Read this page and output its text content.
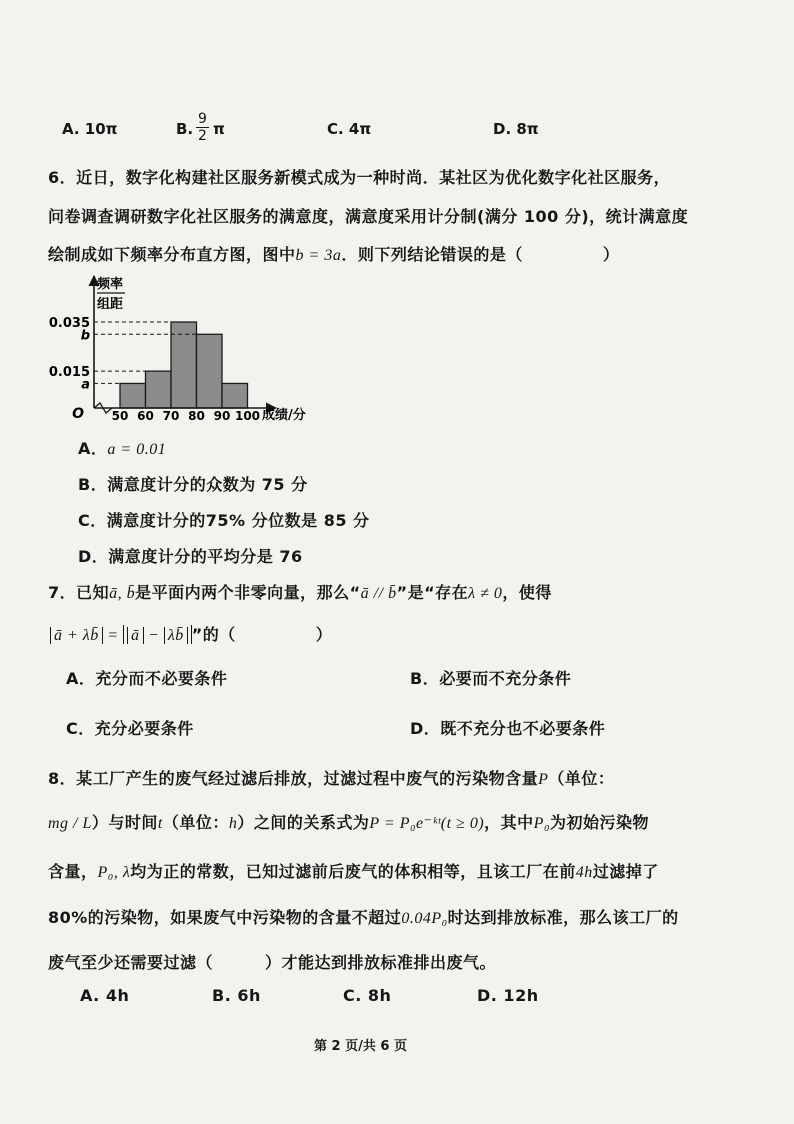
A. 10π	B. $\frac{9}{2}$ π	C. 4π	D. 8π
6．近日，数字化构建社区服务新模式成为一种时尚．某社区为优化数字化社区服务，
问卷调查调研数字化社区服务的满意度，满意度采用计分制(满分 100 分)，统计满意度
绘制成如下频率分布直方图，图中b = 3a．则下列结论错误的是（	）
0.035
b
0.015
a
50 60 70 80 90 100
频率
组距
O	成绩/分
A．a = 0.01
B．满意度计分的众数为 75 分
C．满意度计分的75% 分位数是 85 分
D．满意度计分的平均分是 76
7．已知ā, b̄是平面内两个非零向量，那么“ā // b̄”是“存在λ ≠ 0，使得
ā + λb̄ = ā − λb̄ ”的（	）
A．充分而不必要条件	B．必要而不充分条件
C．充分必要条件	D．既不充分也不必要条件
8．某工厂产生的废气经过滤后排放，过滤过程中废气的污染物含量P（单位：
mg / L）与时间t（单位：h）之间的关系式为P = P₀e⁻ᵏᵗ(t ≥ 0)，其中P₀为初始污染物
含量，P₀, λ均为正的常数，已知过滤前后废气的体积相等，且该工厂在前4h过滤掉了
80%的污染物，如果废气中污染物的含量不超过0.04P₀时达到排放标准，那么该工厂的
废气至少还需要过滤（	）才能达到排放标准排出废气。
A. 4h	B. 6h	C. 8h	D. 12h
第 2 页/共 6 页
